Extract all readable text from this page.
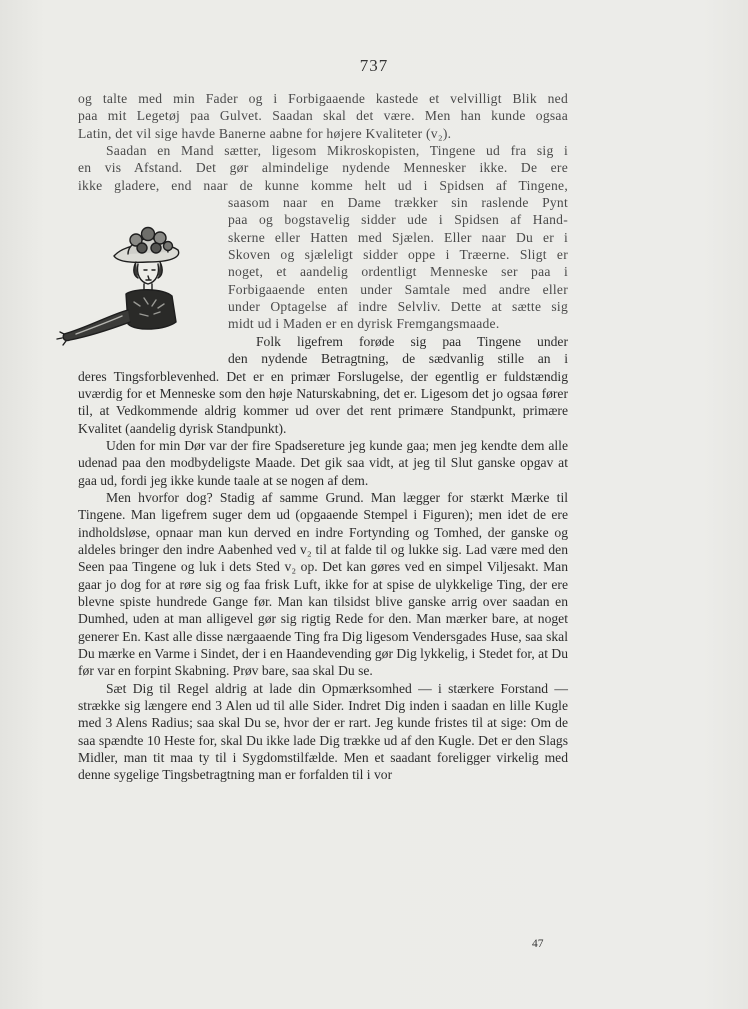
737
og talte med min Fader og i Forbigaaende kastede et velvilligt Blik ned
paa mit Legetøj paa Gulvet. Saadan skal det være. Men han kunde ogsaa
Latin, det vil sige havde Banerne aabne for højere Kvaliteter (v₂).
Saadan en Mand sætter, ligesom Mikroskopisten, Tingene ud fra sig i
en vis Afstand. Det gør almindelige nydende Mennesker ikke. De ere
ikke gladere, end naar de kunne komme helt ud i Spidsen af Tingene,
saasom naar en Dame trækker sin raslende Pynt
paa og bogstavelig sidder ude i Spidsen af Hand-
skerne eller Hatten med Sjælen. Eller naar Du er i
Skoven og sjæleligt sidder oppe i Træerne. Sligt er
noget, et aandelig ordentligt Menneske ser paa i
Forbigaaende enten under Samtale med andre eller
under Optagelse af indre Selvliv. Dette at sætte sig
midt ud i Maden er en dyrisk Fremgangsmaade.
Folk ligefrem forøde sig paa Tingene under
den nydende Betragtning, de sædvanlig stille an i

deres Tingsforblevenhed. Det er en primær Forslugelse, der egentlig er fuldstændig uværdig for et Menneske som den høje Naturskabning, det er. Ligesom det jo ogsaa fører til, at Vedkommende aldrig kommer ud over det rent primære Standpunkt, primære Kvalitet (aandelig dyrisk Standpunkt).

Uden for min Dør var der fire Spadsereture jeg kunde gaa; men jeg kendte dem alle udenad paa den modbydeligste Maade. Det gik saa vidt, at jeg til Slut ganske opgav at gaa ud, fordi jeg ikke kunde taale at se nogen af dem.

Men hvorfor dog? Stadig af samme Grund. Man lægger for stærkt Mærke til Tingene. Man ligefrem suger dem ud (opgaaende Stempel i Figuren); men idet de ere indholdsløse, opnaar man kun derved en indre Fortynding og Tomhed, der ganske og aldeles bringer den indre Aabenhed ved v₂ til at falde til og lukke sig. Lad være med den Seen paa Tingene og luk i dets Sted v₂ op. Det kan gøres ved en simpel Viljesakt. Man gaar jo dog for at røre sig og faa frisk Luft, ikke for at spise de ulykkelige Ting, der ere blevne spiste hundrede Gange før. Man kan tilsidst blive ganske arrig over saadan en Dumhed, uden at man alligevel gør sig rigtig Rede for den. Man mærker bare, at noget generer En. Kast alle disse nærgaaende Ting fra Dig ligesom Vendersgades Huse, saa skal Du mærke en Varme i Sindet, der i en Haandevending gør Dig lykkelig, i Stedet for, at Du før var en forpint Skabning. Prøv bare, saa skal Du se.

Sæt Dig til Regel aldrig at lade din Opmærksomhed — i stærkere Forstand — strække sig længere end 3 Alen ud til alle Sider. Indret Dig inden i saadan en lille Kugle med 3 Alens Radius; saa skal Du se, hvor der er rart. Jeg kunde fristes til at sige: Om de saa spændte 10 Heste for, skal Du ikke lade Dig trække ud af den Kugle. Det er den Slags Midler, man tit maa ty til i Sygdomstilfælde. Men et saadant foreligger virkelig med denne sygelige Tingsbetragtning man er forfalden til i vor

47
